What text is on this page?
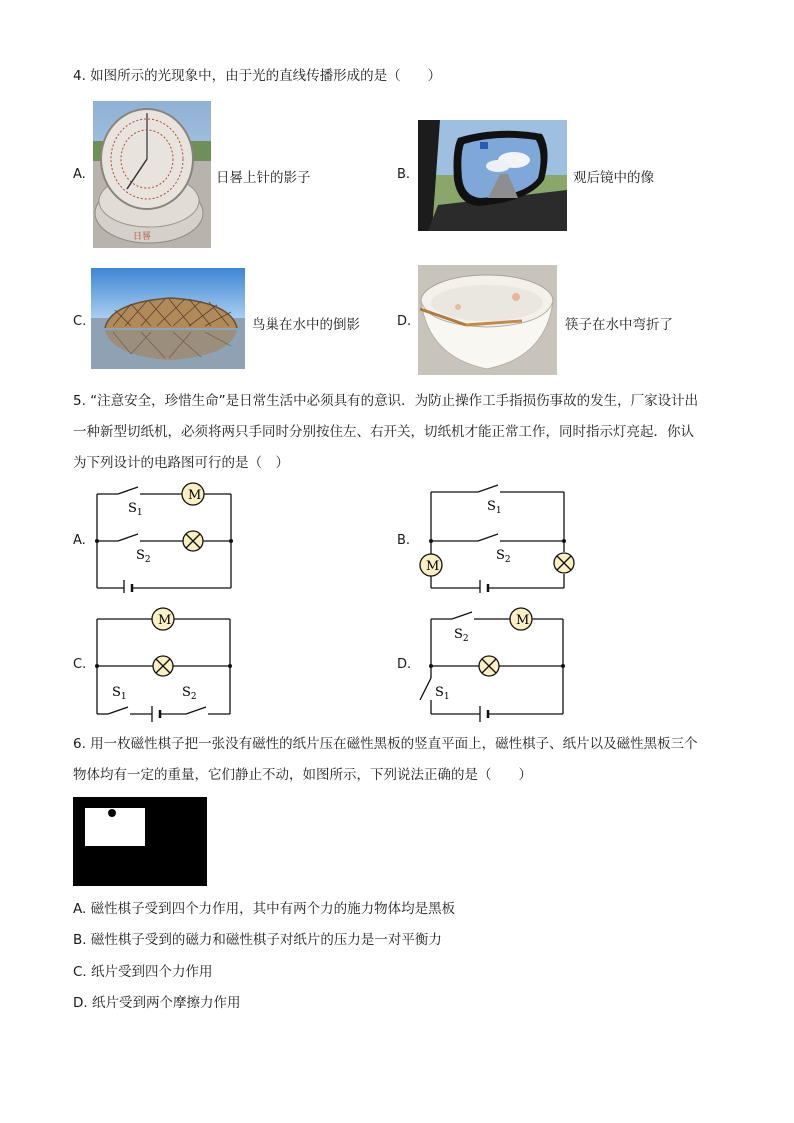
4. 如图所示的光现象中，由于光的直线传播形成的是（　　）
A.
日晷
日晷上针的影子	B.	观后镜中的像
C.	鸟巢在水中的倒影	D.	筷子在水中弯折了
5. “注意安全，珍惜生命”是日常生活中必须具有的意识．为防止操作工手指损伤事故的发生，厂家设计出
一种新型切纸机，必须将两只手同时分别按住左、右开关，切纸机才能正常工作，同时指示灯亮起．你认
为下列设计的电路图可行的是（　）
A.
M
$S_1$
$S_2$
B.
M
$S_1$
$S_2$
C.
M
$S_1$	$S_2$
D.
M
$S_2$
$S_1$
6. 用一枚磁性棋子把一张没有磁性的纸片压在磁性黑板的竖直平面上，磁性棋子、纸片以及磁性黑板三个
物体均有一定的重量，它们静止不动，如图所示，下列说法正确的是（　　）
A. 磁性棋子受到四个力作用，其中有两个力的施力物体均是黑板
B. 磁性棋子受到的磁力和磁性棋子对纸片的压力是一对平衡力
C. 纸片受到四个力作用
D. 纸片受到两个摩擦力作用
